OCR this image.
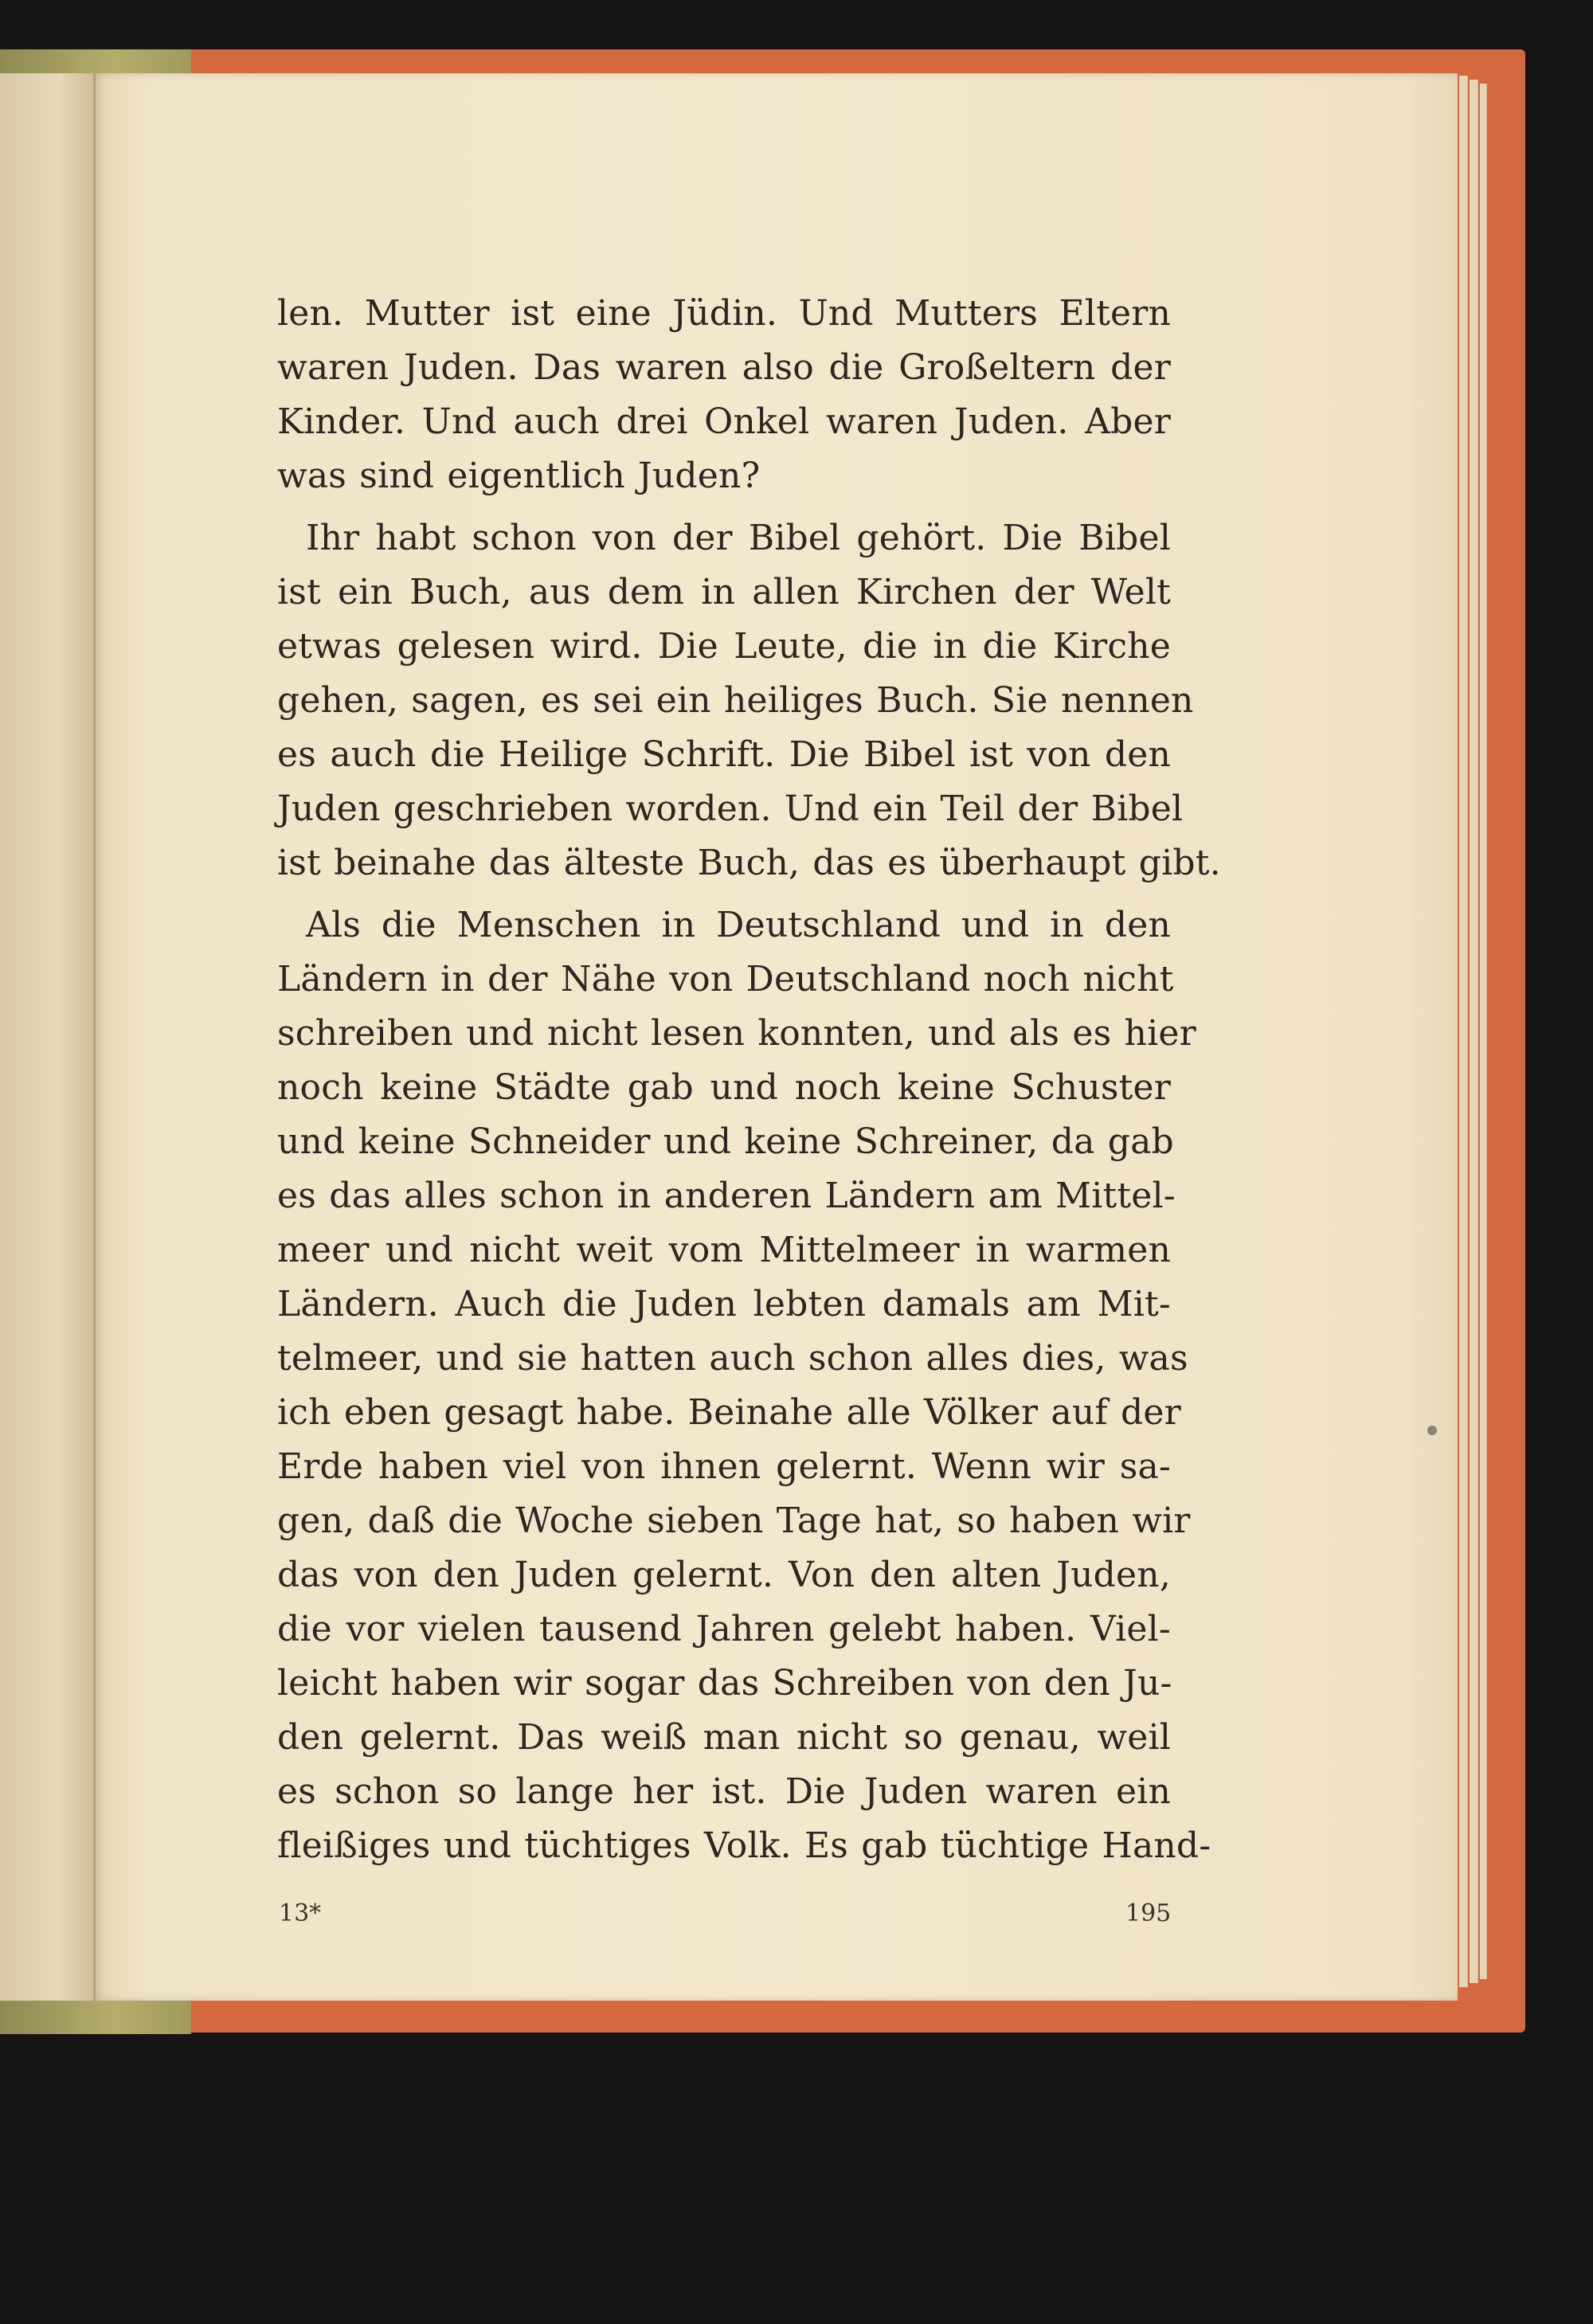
len. Mutter ist eine Jüdin. Und Mutters Eltern
waren Juden. Das waren also die Großeltern der
Kinder. Und auch drei Onkel waren Juden. Aber
was sind eigentlich Juden?
Ihr habt schon von der Bibel gehört. Die Bibel
ist ein Buch, aus dem in allen Kirchen der Welt
etwas gelesen wird. Die Leute, die in die Kirche
gehen, sagen, es sei ein heiliges Buch. Sie nennen
es auch die Heilige Schrift. Die Bibel ist von den
Juden geschrieben worden. Und ein Teil der Bibel
ist beinahe das älteste Buch, das es überhaupt gibt.
Als die Menschen in Deutschland und in den
Ländern in der Nähe von Deutschland noch nicht
schreiben und nicht lesen konnten, und als es hier
noch keine Städte gab und noch keine Schuster
und keine Schneider und keine Schreiner, da gab
es das alles schon in anderen Ländern am Mittel-
meer und nicht weit vom Mittelmeer in warmen
Ländern. Auch die Juden lebten damals am Mit-
telmeer, und sie hatten auch schon alles dies, was
ich eben gesagt habe. Beinahe alle Völker auf der
Erde haben viel von ihnen gelernt. Wenn wir sa-
gen, daß die Woche sieben Tage hat, so haben wir
das von den Juden gelernt. Von den alten Juden,
die vor vielen tausend Jahren gelebt haben. Viel-
leicht haben wir sogar das Schreiben von den Ju-
den gelernt. Das weiß man nicht so genau, weil
es schon so lange her ist. Die Juden waren ein
fleißiges und tüchtiges Volk. Es gab tüchtige Hand-
13*	195
